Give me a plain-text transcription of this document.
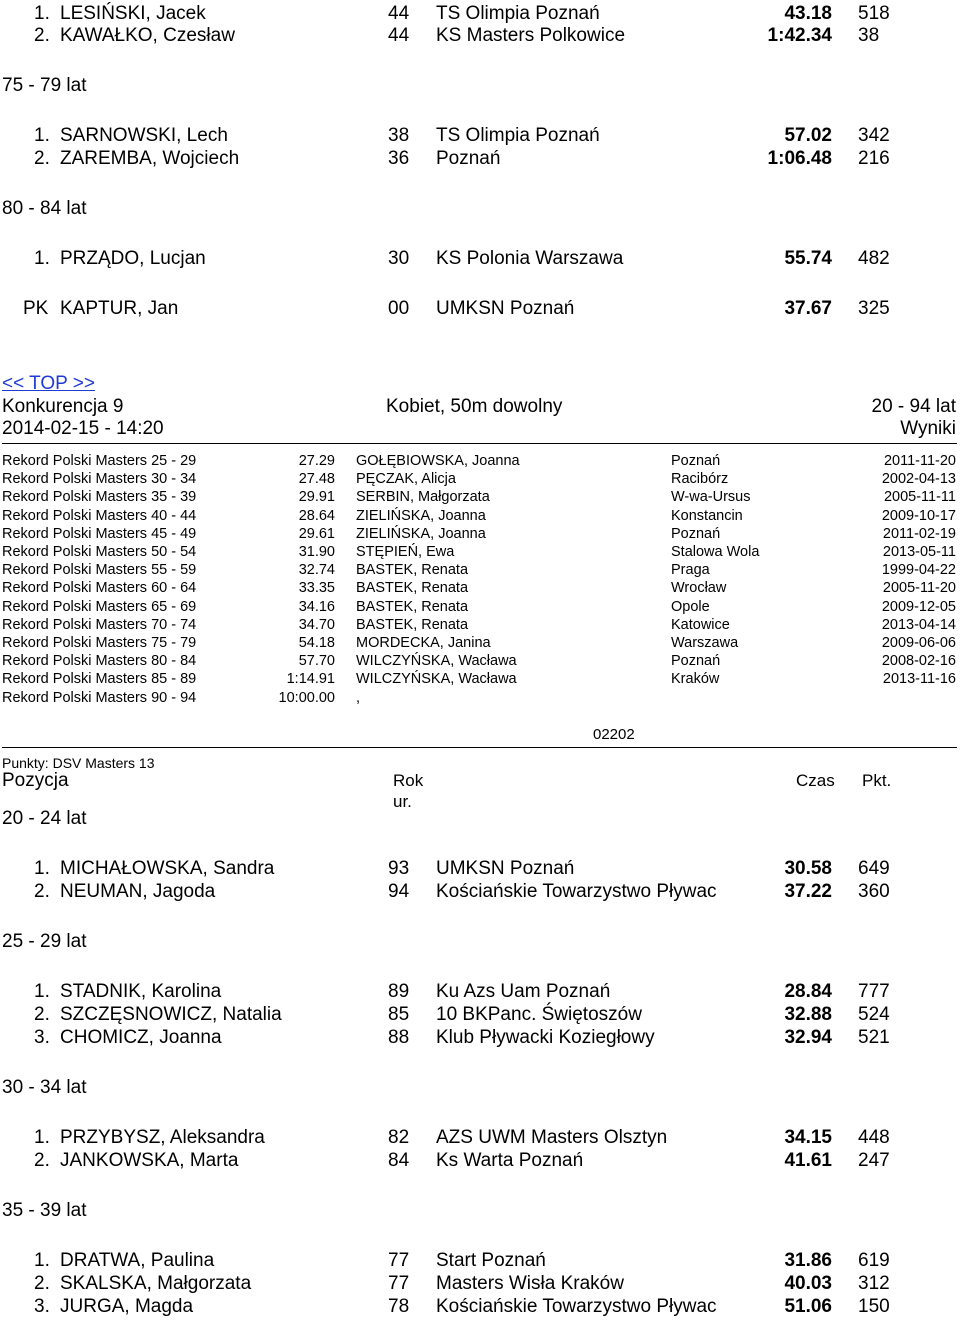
1. LESIŃSKI, Jacek	44 TS Olimpia Poznań	43.18 518
2. KAWAŁKO, Czesław	44 KS Masters Polkowice	1:42.34 38
75 - 79 lat
1. SARNOWSKI, Lech	38 TS Olimpia Poznań	57.02 342
2. ZAREMBA, Wojciech	36 Poznań	1:06.48 216
80 - 84 lat
1. PRZĄDO, Lucjan	30 KS Polonia Warszawa	55.74 482
PK KAPTUR, Jan	00 UMKSN Poznań	37.67 325
<< TOP >>
Konkurencja 9	Kobiet, 50m dowolny	20 - 94 lat
2014-02-15 - 14:20	Wyniki
Rekord Polski Masters 25 - 29	27.29 GOŁĘBIOWSKA, Joanna	Poznań	2011-11-20
Rekord Polski Masters 30 - 34	27.48 PĘCZAK, Alicja	Racibórz	2002-04-13
Rekord Polski Masters 35 - 39	29.91 SERBIN, Małgorzata	W-wa-Ursus	2005-11-11
Rekord Polski Masters 40 - 44	28.64 ZIELIŃSKA, Joanna	Konstancin	2009-10-17
Rekord Polski Masters 45 - 49	29.61 ZIELIŃSKA, Joanna	Poznań	2011-02-19
Rekord Polski Masters 50 - 54	31.90 STĘPIEŃ, Ewa	Stalowa Wola	2013-05-11
Rekord Polski Masters 55 - 59	32.74 BASTEK, Renata	Praga	1999-04-22
Rekord Polski Masters 60 - 64	33.35 BASTEK, Renata	Wrocław	2005-11-20
Rekord Polski Masters 65 - 69	34.16 BASTEK, Renata	Opole	2009-12-05
Rekord Polski Masters 70 - 74	34.70 BASTEK, Renata	Katowice	2013-04-14
Rekord Polski Masters 75 - 79	54.18 MORDECKA, Janina	Warszawa	2009-06-06
Rekord Polski Masters 80 - 84	57.70 WILCZYŃSKA, Wacława	Poznań	2008-02-16
Rekord Polski Masters 85 - 89	1:14.91 WILCZYŃSKA, Wacława	Kraków	2013-11-16
Rekord Polski Masters 90 - 94	10:00.00 ,
02202
Punkty: DSV Masters 13
Pozycja	Rok
ur.
Czas Pkt.
20 - 24 lat
1. MICHAŁOWSKA, Sandra	93 UMKSN Poznań	30.58 649
2. NEUMAN, Jagoda	94 Kościańskie Towarzystwo Pływac	37.22 360
25 - 29 lat
1. STADNIK, Karolina	89 Ku Azs Uam Poznań	28.84 777
2. SZCZĘSNOWICZ, Natalia	85 10 BKPanc. Świętoszów	32.88 524
3. CHOMICZ, Joanna	88 Klub Pływacki Koziegłowy	32.94 521
30 - 34 lat
1. PRZYBYSZ, Aleksandra	82 AZS UWM Masters Olsztyn	34.15 448
2. JANKOWSKA, Marta	84 Ks Warta Poznań	41.61 247
35 - 39 lat
1. DRATWA, Paulina	77 Start Poznań	31.86 619
2. SKALSKA, Małgorzata	77 Masters Wisła Kraków	40.03 312
3. JURGA, Magda	78 Kościańskie Towarzystwo Pływac	51.06 150
